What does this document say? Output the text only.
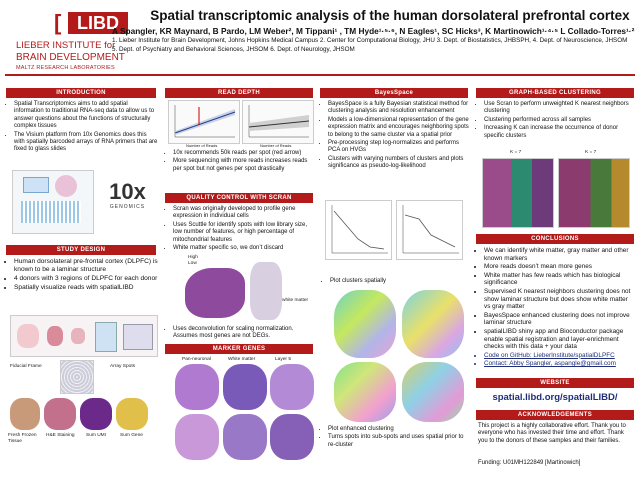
[ LIBD
LIEBER INSTITUTE for
BRAIN DEVELOPMENT
MALTZ RESEARCH LABORATORIES
Spatial transcriptomic analysis of the human dorsolateral prefrontal cortex
A Spangler, KR Maynard, B Pardo, LM Weber², M Tippani¹ , TM Hyde¹·⁵·⁶, N Eagles¹, SC Hicks³, K Martinowich¹·⁴·⁵ L Collado-Torres¹·²
1. Lieber Institute for Brain Development, Johns Hopkins Medical Campus 2. Center for Computational Biology, JHU 3. Dept. of Biostatistics, JHBSPH, 4. Dept. of Neuroscience, JHSOM 5. Dept. of Psychiatry and Behavioral Sciences, JHSOM 6. Dept. of Neurology, JHSOM
INTRODUCTION
• Spatial Transcriptomics aims to add spatial information to traditional RNA-seq data to allow us to answer questions about the functions of structurally complex tissues
• The Visium platform from 10x Genomics does this with spatially barcoded arrays of RNA primers that are fixed to glass slides
10x
GENOMICS
STUDY DESIGN
• Human dorsolateral pre-frontal cortex (DLPFC) is known to be a laminar structure
• 4 donors with 3 regions of DLPFC for each donor
• Spatially visualize reads with spatialLIBD
Fiducial Frame	Array Spots
Fresh Frozen Tissue
H&E Staining Sum UMI	Sum Gene
READ DEPTH
Number of Reads	Number of Reads
• 10x recommends 50k reads per spot (red arrow)
• More sequencing with more reads increases reads per spot but not genes per spot drastically
QUALITY CONTROL WITH SCRAN
• Scran was originally developed to profile gene expression in individual cells
• Uses Scuttle for identify spots with low library size, low number of features, or high percentage of mitochondrial features
• White matter specific so, we don’t discard
High
Low
white matter
• Uses deconvolution for scaling normalization. Assumes most genes are not DEGs.
MARKER GENES
Pan-neuronal	White matter	Layer 5
BayesSpace
• BayesSpace is a fully Bayesian statistical method for clustering analysis and resolution enhancement
• Models a low-dimensional representation of the gene expression matrix and encourages neighboring spots to belong to the same cluster via a spatial prior
• Pre-processing step log-normalizes and performs PCA on HVGs
• Clusters with varying numbers of clusters and plots significance as pseudo-log-likelihood
• Plot clusters spatially
• Plot enhanced clustering
• Turns spots into sub-spots and uses spatial prior to re-cluster
GRAPH-BASED CLUSTERING
• Use Scran to perform unweighted K nearest neighbors clustering
• Clustering performed across all samples
• Increasing K can increase the occurrence of donor specific clusters
K = 7	K = 7
CONCLUSIONS
• We can identify white matter, gray matter and other known markers
• More reads doesn’t mean more genes
• White matter has few reads which has biological significance
• Supervised K nearest neighbors clustering does not show laminar structure but does show white matter vs gray matter
• BayesSpace enhanced clustering does not improve laminar structure
• spatialLIBD shiny app and Bioconductor package enable spatial registration and layer-enrichment checks with this data + your data
• Code on GitHub: LieberInstitute/spatialDLPFC
• Contact: Abby Spangler, aspangle@gmail.com
WEBSITE
spatial.libd.org/spatialLIBD/
ACKNOWLEDGEMENTS
This project is a highly collaborative effort. Thank you to everyone who has invested their time and effort. Thank you to the donors of these samples and their families.
Funding: U01MH122849 [Martinowich]
